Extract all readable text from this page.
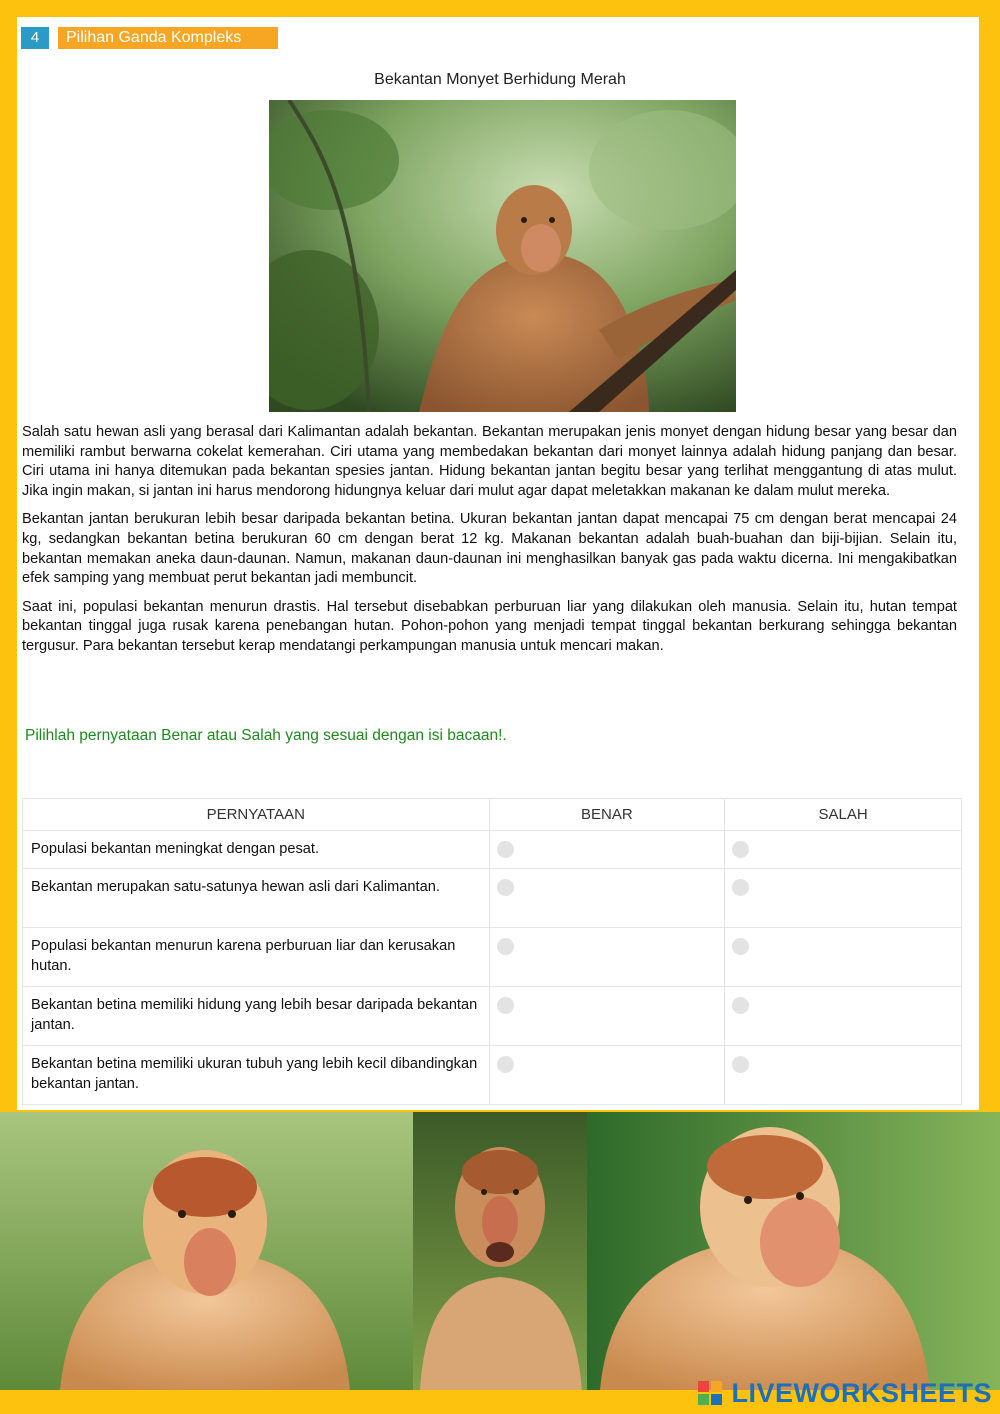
4	Pilihan Ganda Kompleks
Bekantan Monyet Berhidung Merah

Salah satu hewan asli yang berasal dari Kalimantan adalah bekantan. Bekantan merupakan jenis monyet dengan hidung besar yang besar dan memiliki rambut berwarna cokelat kemerahan. Ciri utama yang membedakan bekantan dari monyet lainnya adalah hidung panjang dan besar. Ciri utama ini hanya ditemukan pada bekantan spesies jantan. Hidung bekantan jantan begitu besar yang terlihat menggantung di atas mulut. Jika ingin makan, si jantan ini harus mendorong hidungnya keluar dari mulut agar dapat meletakkan makanan ke dalam mulut mereka.

Bekantan jantan berukuran lebih besar daripada bekantan betina. Ukuran bekantan jantan dapat mencapai 75 cm dengan berat mencapai 24 kg, sedangkan bekantan betina berukuran 60 cm dengan berat 12 kg. Makanan bekantan adalah buah-buahan dan biji-bijian. Selain itu, bekantan memakan aneka daun-daunan. Namun, makanan daun-daunan ini menghasilkan banyak gas pada waktu dicerna. Ini mengakibatkan efek samping yang membuat perut bekantan jadi membuncit.

Saat ini, populasi bekantan menurun drastis. Hal tersebut disebabkan perburuan liar yang dilakukan oleh manusia. Selain itu, hutan tempat bekantan tinggal juga rusak karena penebangan hutan. Pohon-pohon yang menjadi tempat tinggal bekantan berkurang sehingga bekantan tergusur. Para bekantan tersebut kerap mendatangi perkampungan manusia untuk mencari makan.

Pilihlah pernyataan Benar atau Salah yang sesuai dengan isi bacaan!.
PERNYATAAN	BENAR	SALAH
Populasi bekantan meningkat dengan pesat.		
Bekantan merupakan satu-satunya hewan asli dari Kalimantan.		
Populasi bekantan menurun karena perburuan liar dan kerusakan hutan.		
Bekantan betina memiliki hidung yang lebih besar daripada bekantan jantan.		
Bekantan betina memiliki ukuran tubuh yang lebih kecil dibandingkan bekantan jantan.		
LIVEWORKSHEETS
